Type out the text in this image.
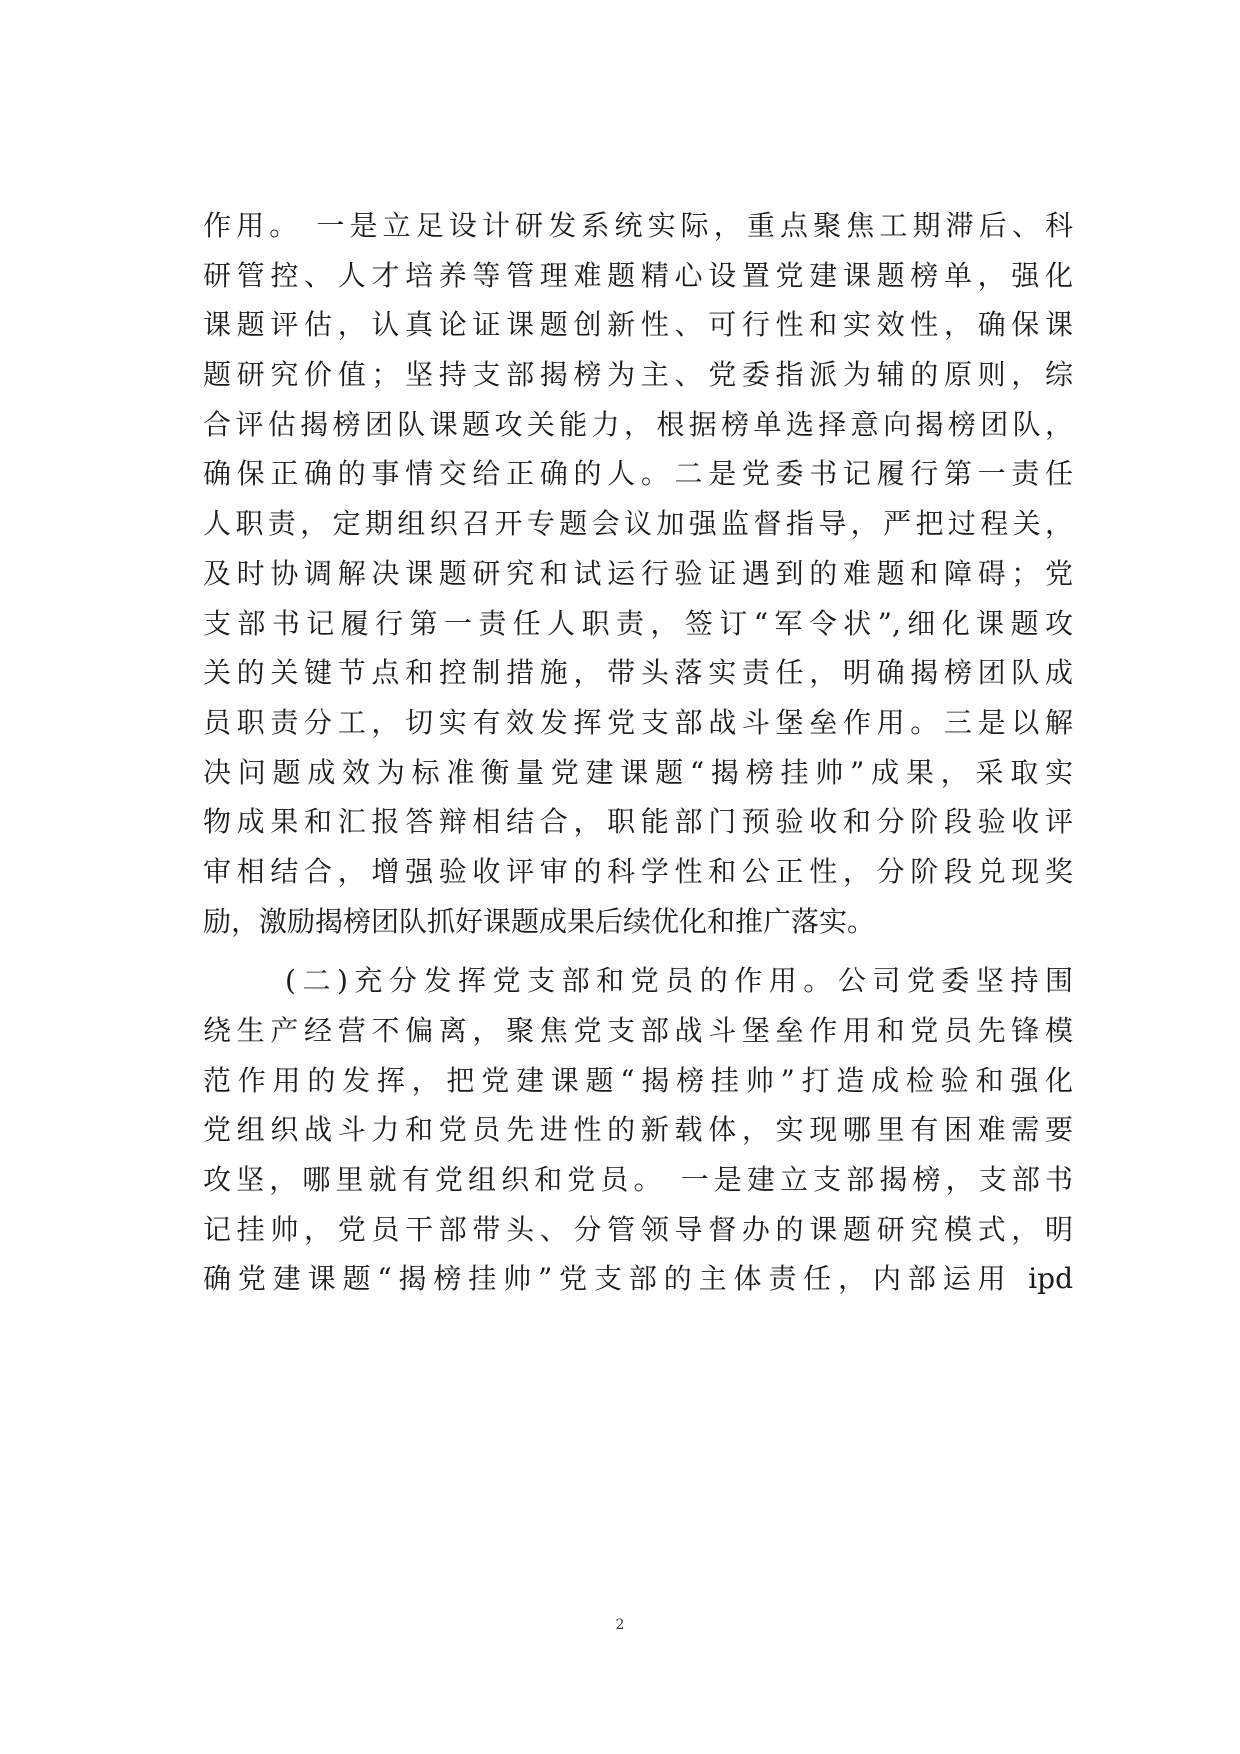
作用。 一是立足设计研发系统实际，重点聚焦工期滞后、科
研管控、人才培养等管理难题精心设置党建课题榜单，强化
课题评估，认真论证课题创新性、可行性和实效性，确保课
题研究价值；坚持支部揭榜为主、党委指派为辅的原则，综
合评估揭榜团队课题攻关能力，根据榜单选择意向揭榜团队，
确保正确的事情交给正确的人。二是党委书记履行第一责任
人职责，定期组织召开专题会议加强监督指导，严把过程关，
及时协调解决课题研究和试运行验证遇到的难题和障碍；党
支部书记履行第一责任人职责，签订“军令状”,细化课题攻
关的关键节点和控制措施，带头落实责任，明确揭榜团队成
员职责分工，切实有效发挥党支部战斗堡垒作用。三是以解
决问题成效为标准衡量党建课题“揭榜挂帅”成果，采取实
物成果和汇报答辩相结合，职能部门预验收和分阶段验收评
审相结合，增强验收评审的科学性和公正性，分阶段兑现奖
励，激励揭榜团队抓好课题成果后续优化和推广落实。
(二)充分发挥党支部和党员的作用。公司党委坚持围
绕生产经营不偏离，聚焦党支部战斗堡垒作用和党员先锋模
范作用的发挥，把党建课题“揭榜挂帅”打造成检验和强化
党组织战斗力和党员先进性的新载体，实现哪里有困难需要
攻坚，哪里就有党组织和党员。 一是建立支部揭榜，支部书
记挂帅，党员干部带头、分管领导督办的课题研究模式，明
确党建课题“揭榜挂帅”党支部的主体责任，内部运用 ipd
2
